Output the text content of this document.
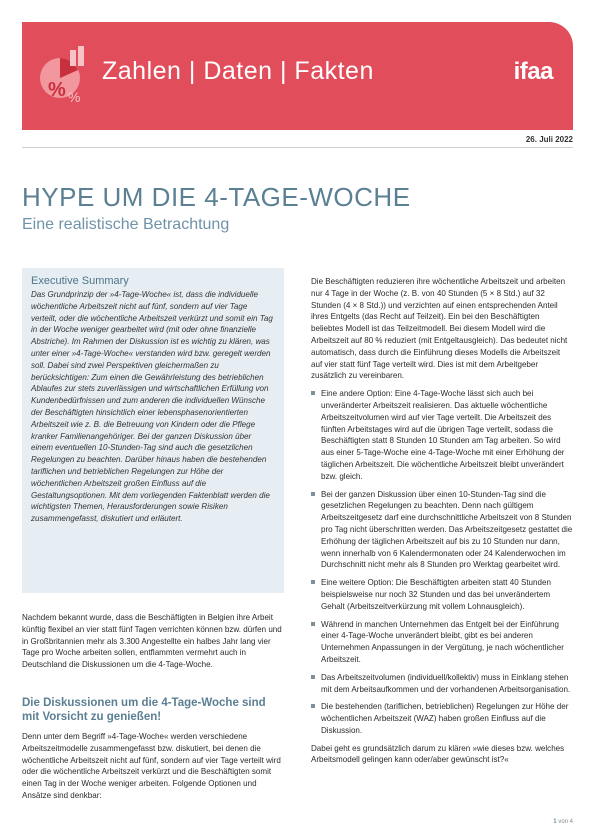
% %
Zahlen | Daten | Fakten	ifaa
26. Juli 2022
HYPE UM DIE 4-TAGE-WOCHE
Eine realistische Betrachtung
Executive Summary

Das Grundprinzip der »4-Tage-Woche« ist, dass die individuelle wöchentliche Arbeitszeit nicht auf fünf, sondern auf vier Tage verteilt, oder die wöchentliche Arbeitszeit verkürzt und somit ein Tag in der Woche weniger gearbeitet wird (mit oder ohne finanzielle Abstriche). Im Rahmen der Diskussion ist es wichtig zu klären, was unter einer »4-Tage-Woche« verstanden wird bzw. geregelt werden soll. Dabei sind zwei Perspektiven gleichermaßen zu berücksichtigen: Zum einen die Gewährleistung des betrieblichen Ablaufes zur stets zuverlässigen und wirtschaftlichen Erfüllung von Kundenbedürfnissen und zum anderen die individuellen Wünsche der Beschäftigten hinsichtlich einer lebensphasenorientierten Arbeitszeit wie z. B. die Betreuung von Kindern oder die Pflege kranker Familienangehöriger. Bei der ganzen Diskussion über einem eventuellen 10-Stunden-Tag sind auch die gesetzlichen Regelungen zu beachten. Darüber hinaus haben die bestehenden tariflichen und betrieblichen Regelungen zur Höhe der wöchentlichen Arbeitszeit großen Einfluss auf die Gestaltungsoptionen. Mit dem vorliegenden Faktenblatt werden die wichtigsten Themen, Herausforderungen sowie Risiken zusammengefasst, diskutiert und erläutert.

Nachdem bekannt wurde, dass die Beschäftigten in Belgien ihre Arbeit künftig flexibel an vier statt fünf Tagen verrichten können bzw. dürfen und in Großbritannien mehr als 3.300 Angestellte ein halbes Jahr lang vier Tage pro Woche arbeiten sollen, entflammten vermehrt auch in Deutschland die Diskussionen um die 4-Tage-Woche.

Die Diskussionen um die 4-Tage-Woche sind mit Vorsicht zu genießen!

Denn unter dem Begriff »4-Tage-Woche« werden verschiedene Arbeitszeitmodelle zusammengefasst bzw. diskutiert, bei denen die wöchentliche Arbeitszeit nicht auf fünf, sondern auf vier Tage verteilt wird oder die wöchentliche Arbeitszeit verkürzt und die Beschäftigten somit einen Tag in der Woche weniger arbeiten. Folgende Optionen und Ansätze sind denkbar:

Die Beschäftigten reduzieren ihre wöchentliche Arbeitszeit und arbeiten nur 4 Tage in der Woche (z. B. von 40 Stunden (5 × 8 Std.) auf 32 Stunden (4 × 8 Std.)) und verzichten auf einen entsprechenden Anteil ihres Entgelts (das Recht auf Teilzeit). Ein bei den Beschäftigten beliebtes Modell ist das Teilzeitmodell. Bei diesem Modell wird die Arbeitszeit auf 80 % reduziert (mit Entgeltausgleich). Das bedeutet nicht automatisch, dass durch die Einführung dieses Modells die Arbeitszeit auf vier statt fünf Tage verteilt wird. Dies ist mit dem Arbeitgeber zusätzlich zu vereinbaren.

Eine andere Option: Eine 4-Tage-Woche lässt sich auch bei unveränderter Arbeitszeit realisieren. Das aktuelle wöchentliche Arbeitszeitvolumen wird auf vier Tage verteilt. Die Arbeitszeit des fünften Arbeitstages wird auf die übrigen Tage verteilt, sodass die Beschäftigten statt 8 Stunden 10 Stunden am Tag arbeiten. So wird aus einer 5-Tage-Woche eine 4-Tage-Woche mit einer Erhöhung der täglichen Arbeitszeit. Die wöchentliche Arbeitszeit bleibt unverändert bzw. gleich.
Bei der ganzen Diskussion über einen 10-Stunden-Tag sind die gesetzlichen Regelungen zu beachten. Denn nach gültigem Arbeitszeitgesetz darf eine durchschnittliche Arbeitszeit von 8 Stunden pro Tag nicht überschritten werden. Das Arbeitszeitgesetz gestattet die Erhöhung der täglichen Arbeitszeit auf bis zu 10 Stunden nur dann, wenn innerhalb von 6 Kalendermonaten oder 24 Kalenderwochen im Durchschnitt nicht mehr als 8 Stunden pro Werktag gearbeitet wird.
Eine weitere Option: Die Beschäftigten arbeiten statt 40 Stunden beispielsweise nur noch 32 Stunden und das bei unverändertem Gehalt (Arbeitszeitverkürzung mit vollem Lohnausgleich).
Während in manchen Unternehmen das Entgelt bei der Einführung einer 4-Tage-Woche unverändert bleibt, gibt es bei anderen Unternehmen Anpassungen in der Vergütung, je nach wöchentlicher Arbeitszeit.
Das Arbeitszeitvolumen (individuell/kollektiv) muss in Einklang stehen mit dem Arbeitsaufkommen und der vorhandenen Arbeitsorganisation.
Die bestehenden (tariflichen, betrieblichen) Regelungen zur Höhe der wöchentlichen Arbeitszeit (WAZ) haben großen Einfluss auf die Diskussion.

Dabei geht es grundsätzlich darum zu klären »wie dieses bzw. welches Arbeitsmodell gelingen kann oder/aber gewünscht ist?«

1 von 4
